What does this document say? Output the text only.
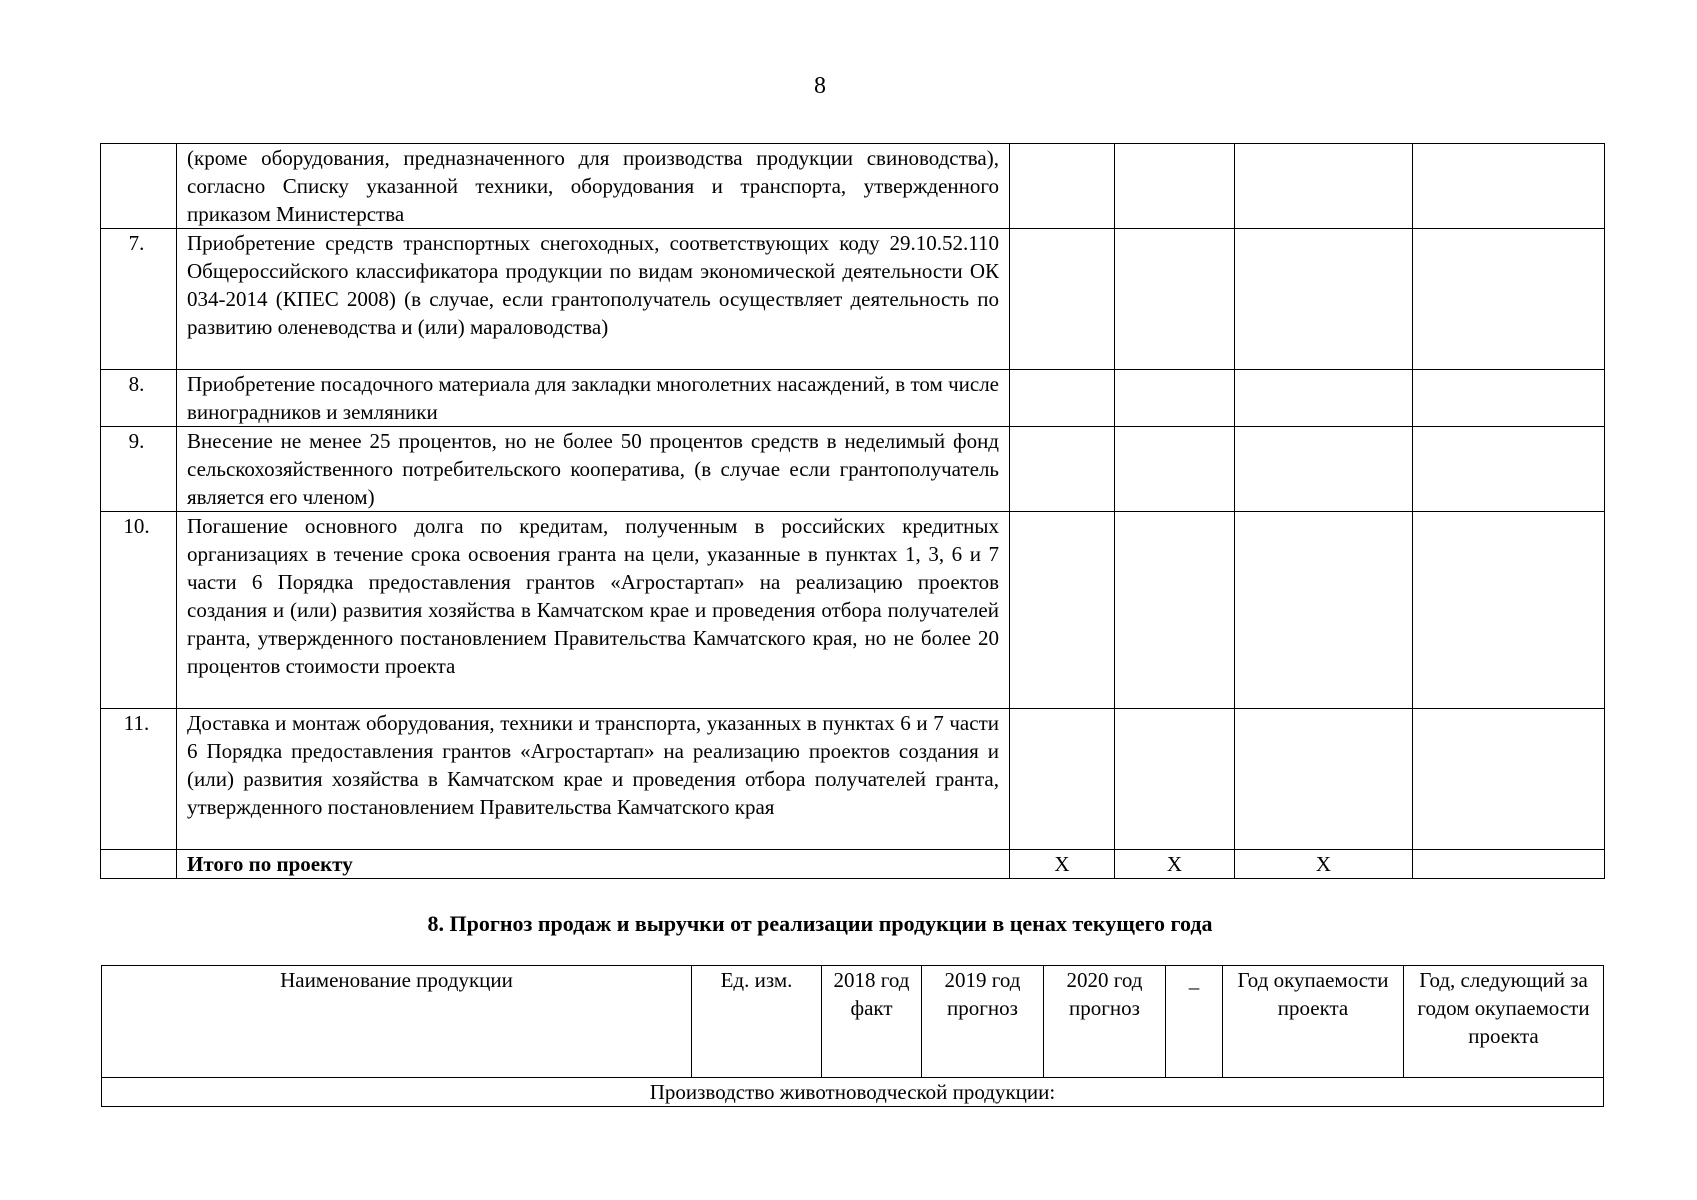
8
	(кроме оборудования, предназначенного для производства продукции свиноводства), согласно Списку указанной техники, оборудования и транспорта, утвержденного приказом Министерства				
7.	Приобретение средств транспортных снегоходных, соответствующих коду 29.10.52.110 Общероссийского классификатора продукции по видам экономической деятельности ОК 034-2014 (КПЕС 2008) (в случае, если грантополучатель осуществляет деятельность по развитию оленеводства и (или) мараловодства)				
8.	Приобретение посадочного материала для закладки многолетних насаждений, в том числе виноградников и земляники				
9.	Внесение не менее 25 процентов, но не более 50 процентов средств в неделимый фонд сельскохозяйственного потребительского кооператива, (в случае если грантополучатель является его членом)				
10.	Погашение основного долга по кредитам, полученным в российских кредитных организациях в течение срока освоения гранта на цели, указанные в пунктах 1, 3, 6 и 7 части 6 Порядка предоставления грантов «Агростартап» на реализацию проектов создания и (или) развития хозяйства в Камчатском крае и проведения отбора получателей гранта, утвержденного постановлением Правительства Камчатского края, но не более 20 процентов стоимости проекта				
11.	Доставка и монтаж оборудования, техники и транспорта, указанных в пунктах 6 и 7 части 6 Порядка предоставления грантов «Агростартап» на реализацию проектов создания и (или) развития хозяйства в Камчатском крае и проведения отбора получателей гранта, утвержденного постановлением Правительства Камчатского края				
	Итого по проекту	Х	Х	Х	
8. Прогноз продаж и выручки от реализации продукции в ценах текущего года
Наименование продукции	Ед. изм.	2018 год факт	2019 год прогноз	2020 год прогноз	_	Год окупаемости проекта	Год, следующий за годом окупаемости проекта
Производство животноводческой продукции:
